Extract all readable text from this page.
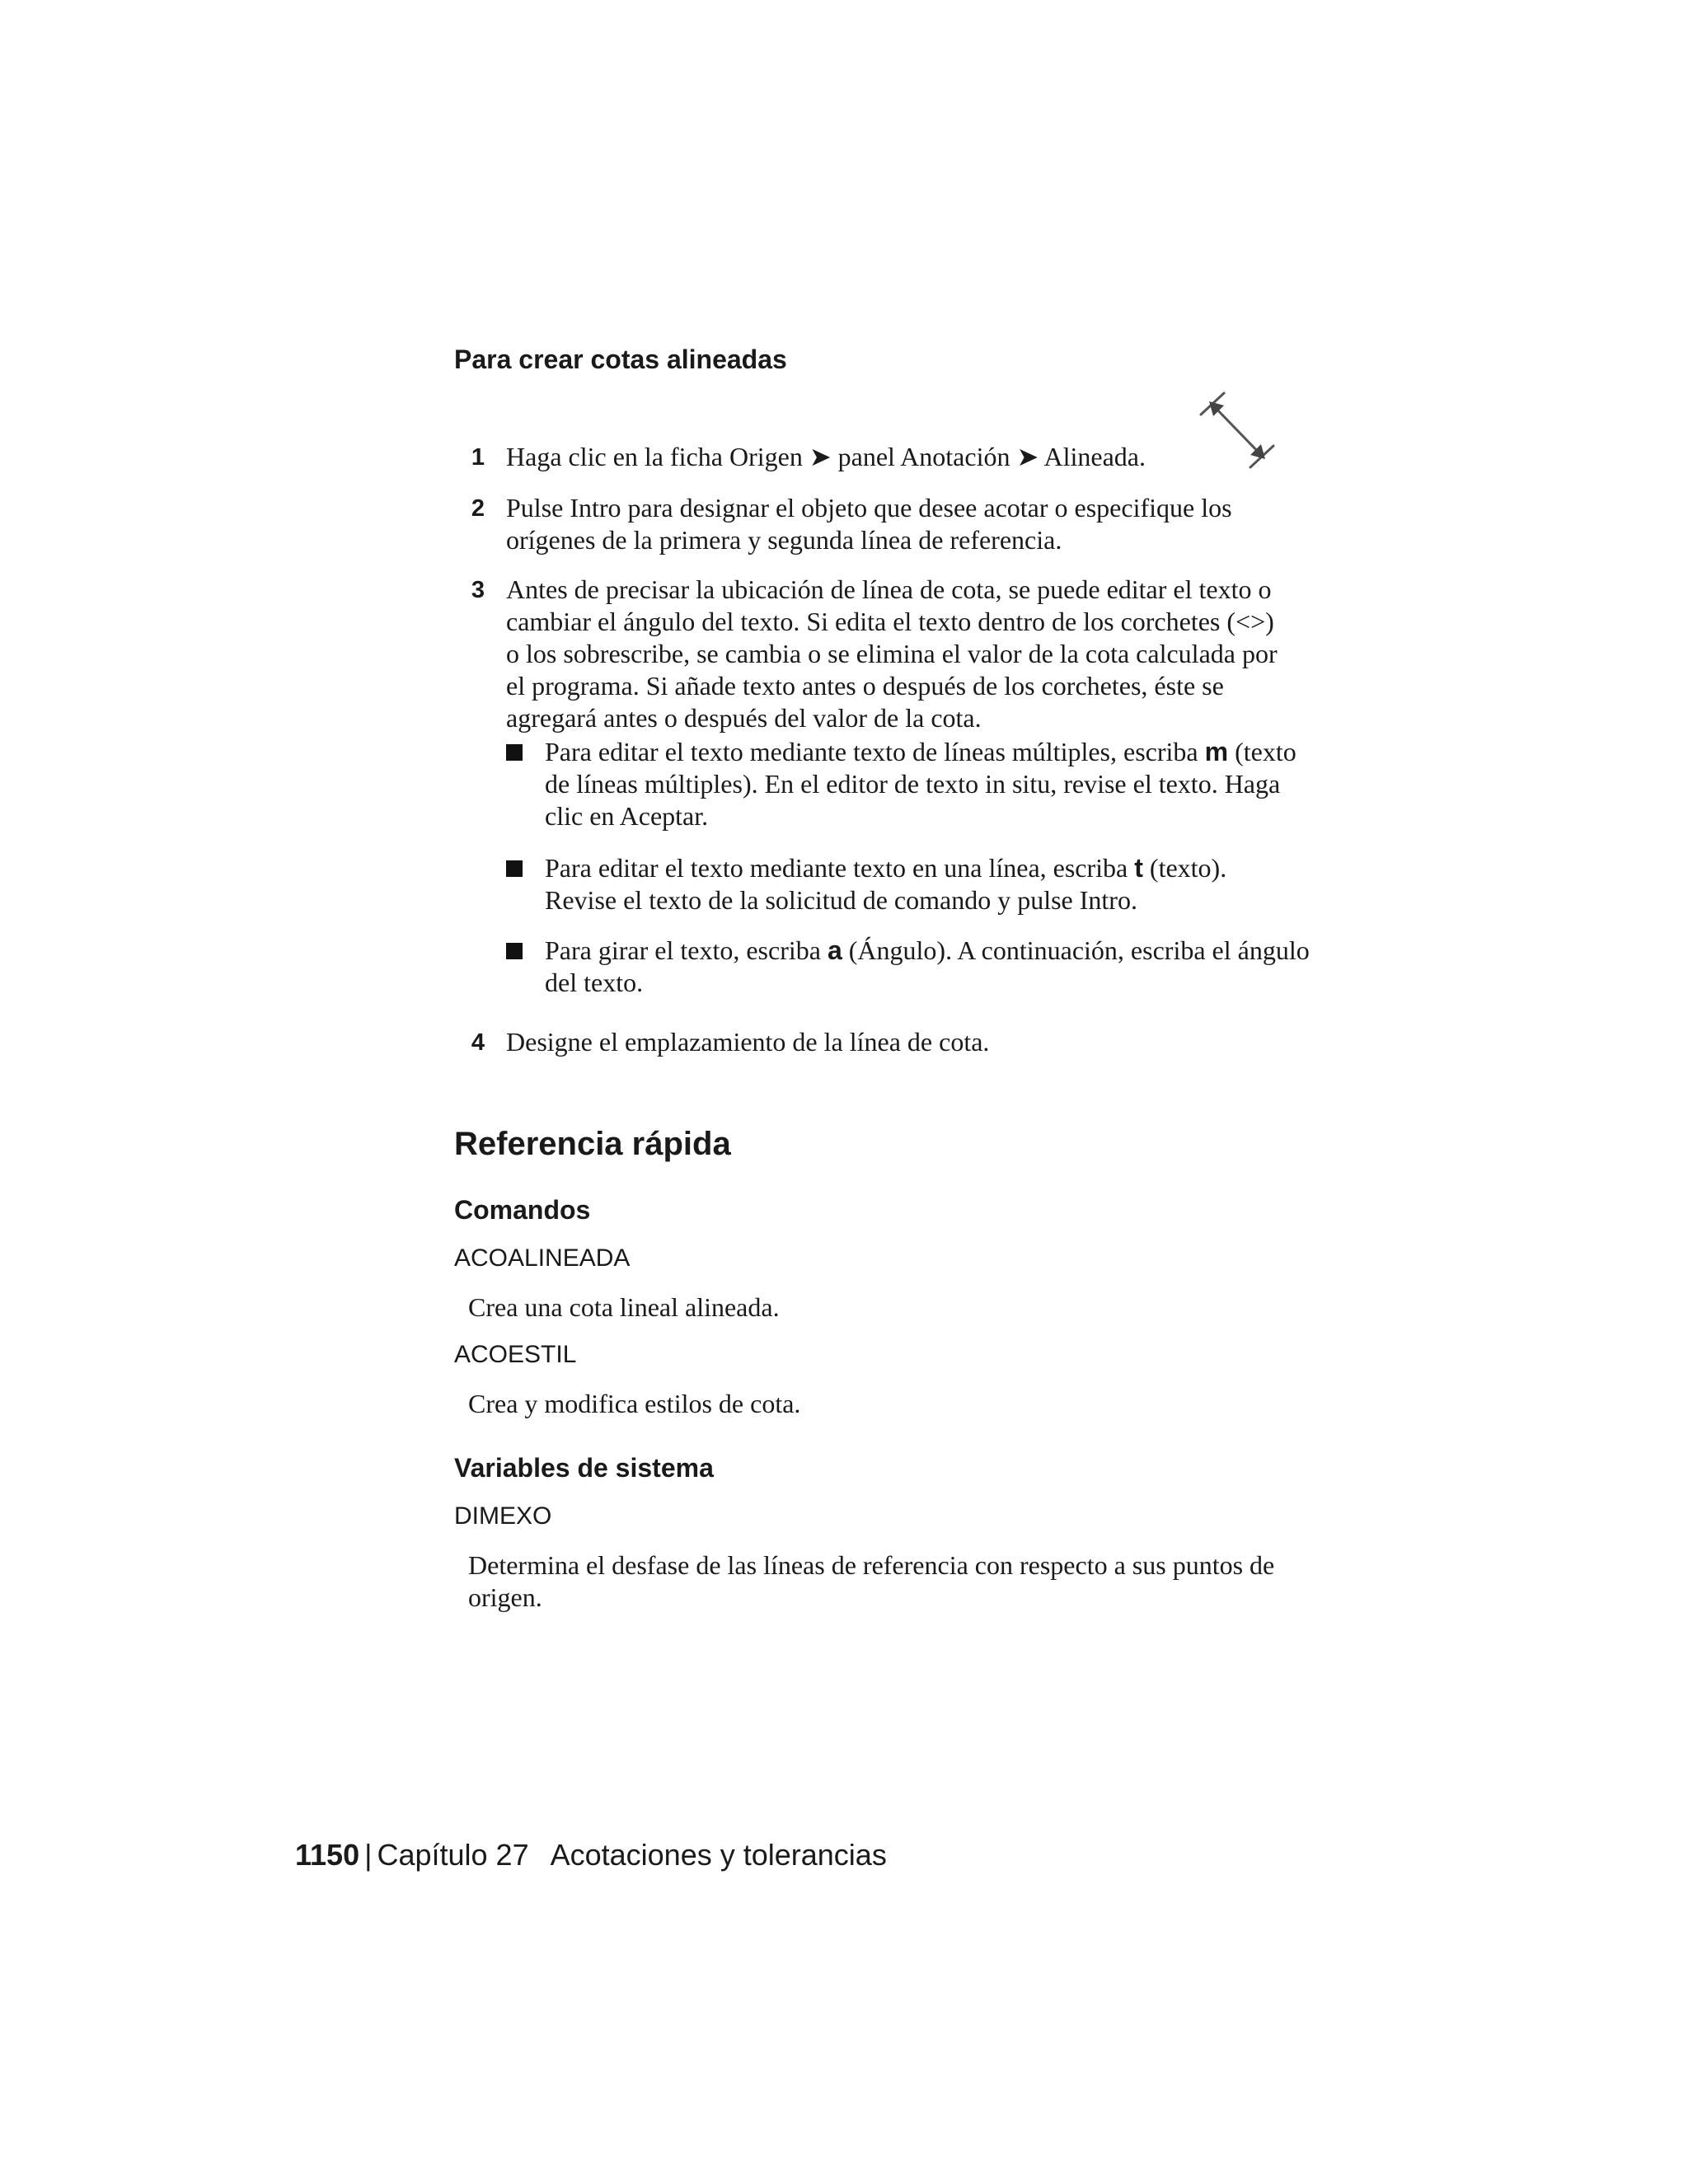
Para crear cotas alineadas
1 Haga clic en la ficha Origen ➤ panel Anotación ➤ Alineada.
2 Pulse Intro para designar el objeto que desee acotar o especifique los
orígenes de la primera y segunda línea de referencia.
3 Antes de precisar la ubicación de línea de cota, se puede editar el texto o
cambiar el ángulo del texto. Si edita el texto dentro de los corchetes (<>)
o los sobrescribe, se cambia o se elimina el valor de la cota calculada por
el programa. Si añade texto antes o después de los corchetes, éste se
agregará antes o después del valor de la cota.
Para editar el texto mediante texto de líneas múltiples, escriba m (texto
de líneas múltiples). En el editor de texto in situ, revise el texto. Haga
clic en Aceptar.
Para editar el texto mediante texto en una línea, escriba t (texto).
Revise el texto de la solicitud de comando y pulse Intro.
Para girar el texto, escriba a (Ángulo). A continuación, escriba el ángulo
del texto.
4 Designe el emplazamiento de la línea de cota.
Referencia rápida
Comandos
ACOALINEADA
Crea una cota lineal alineada.
ACOESTIL
Crea y modifica estilos de cota.
Variables de sistema
DIMEXO
Determina el desfase de las líneas de referencia con respecto a sus puntos de
origen.
1150 | Capítulo 27 Acotaciones y tolerancias
